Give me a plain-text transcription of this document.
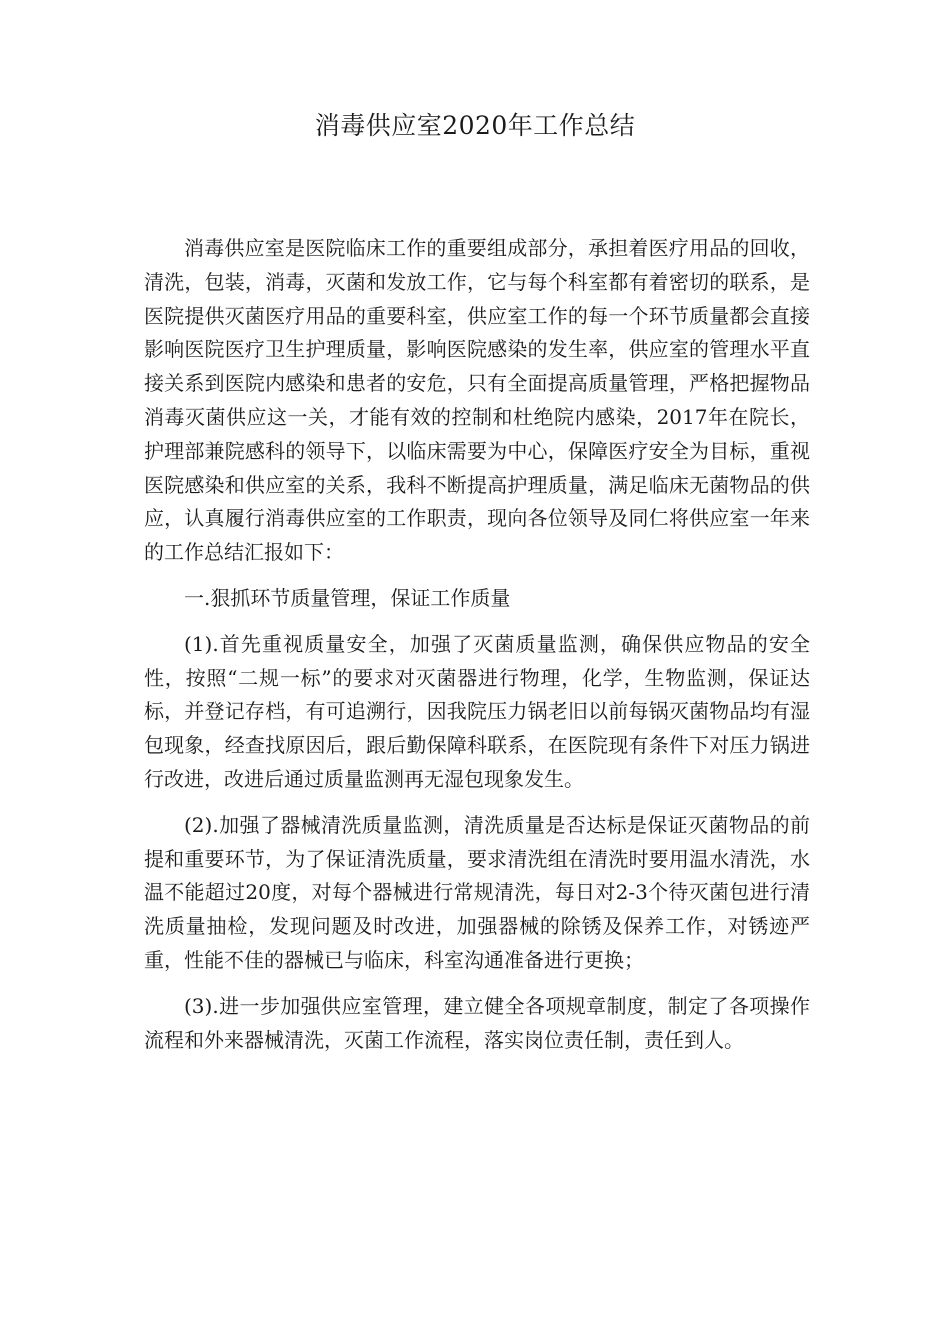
消毒供应室2020年工作总结

消毒供应室是医院临床工作的重要组成部分，承担着医疗用品的回收，清洗，包装，消毒，灭菌和发放工作，它与每个科室都有着密切的联系，是医院提供灭菌医疗用品的重要科室，供应室工作的每一个环节质量都会直接影响医院医疗卫生护理质量，影响医院感染的发生率，供应室的管理水平直接关系到医院内感染和患者的安危，只有全面提高质量管理，严格把握物品消毒灭菌供应这一关，才能有效的控制和杜绝院内感染，2017年在院长，护理部兼院感科的领导下，以临床需要为中心，保障医疗安全为目标，重视医院感染和供应室的关系，我科不断提高护理质量，满足临床无菌物品的供应，认真履行消毒供应室的工作职责，现向各位领导及同仁将供应室一年来的工作总结汇报如下：

一.狠抓环节质量管理，保证工作质量

(1).首先重视质量安全，加强了灭菌质量监测，确保供应物品的安全性，按照“二规一标”的要求对灭菌器进行物理，化学，生物监测，保证达标，并登记存档，有可追溯行，因我院压力锅老旧以前每锅灭菌物品均有湿包现象，经查找原因后，跟后勤保障科联系，在医院现有条件下对压力锅进行改进，改进后通过质量监测再无湿包现象发生。

(2).加强了器械清洗质量监测，清洗质量是否达标是保证灭菌物品的前提和重要环节，为了保证清洗质量，要求清洗组在清洗时要用温水清洗，水温不能超过20度，对每个器械进行常规清洗，每日对2-3个待灭菌包进行清洗质量抽检，发现问题及时改进，加强器械的除锈及保养工作，对锈迹严重，性能不佳的器械已与临床，科室沟通准备进行更换；

(3).进一步加强供应室管理，建立健全各项规章制度，制定了各项操作流程和外来器械清洗，灭菌工作流程，落实岗位责任制，责任到人。
